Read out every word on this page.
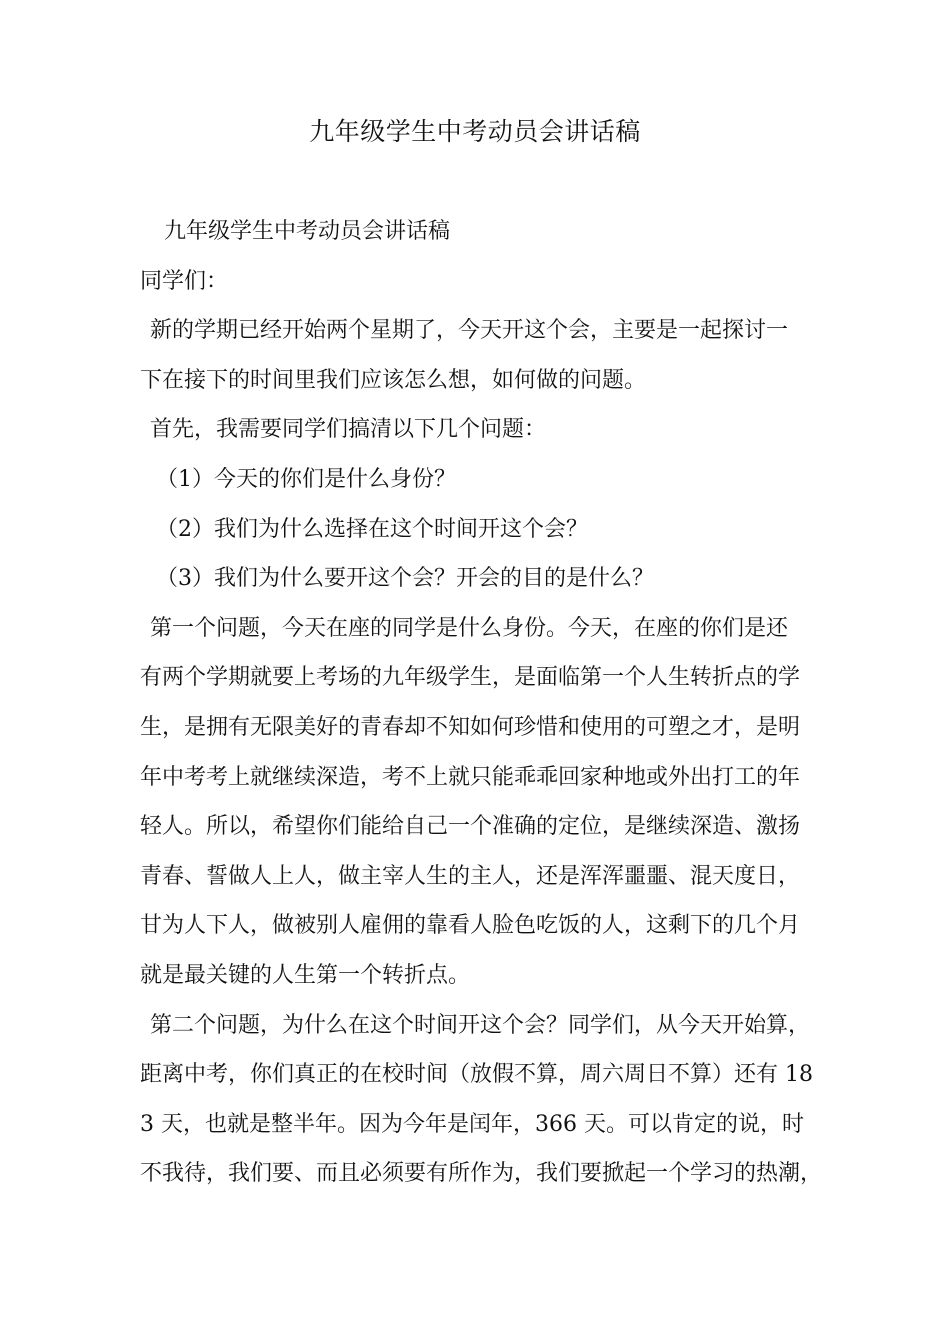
九年级学生中考动员会讲话稿
九年级学生中考动员会讲话稿
同学们：
新的学期已经开始两个星期了，今天开这个会，主要是一起探讨一
下在接下的时间里我们应该怎么想，如何做的问题。
首先，我需要同学们搞清以下几个问题：
（1）今天的你们是什么身份？
（2）我们为什么选择在这个时间开这个会？
（3）我们为什么要开这个会？开会的目的是什么？
第一个问题，今天在座的同学是什么身份。今天，在座的你们是还
有两个学期就要上考场的九年级学生，是面临第一个人生转折点的学
生，是拥有无限美好的青春却不知如何珍惜和使用的可塑之才，是明
年中考考上就继续深造，考不上就只能乖乖回家种地或外出打工的年
轻人。所以，希望你们能给自己一个准确的定位，是继续深造、激扬
青春、誓做人上人，做主宰人生的主人，还是浑浑噩噩、混天度日，
甘为人下人，做被别人雇佣的靠看人脸色吃饭的人，这剩下的几个月
就是最关键的人生第一个转折点。
第二个问题，为什么在这个时间开这个会？同学们，从今天开始算，
距离中考，你们真正的在校时间（放假不算，周六周日不算）还有 18
3 天，也就是整半年。因为今年是闰年，366 天。可以肯定的说，时
不我待，我们要、而且必须要有所作为，我们要掀起一个学习的热潮，
